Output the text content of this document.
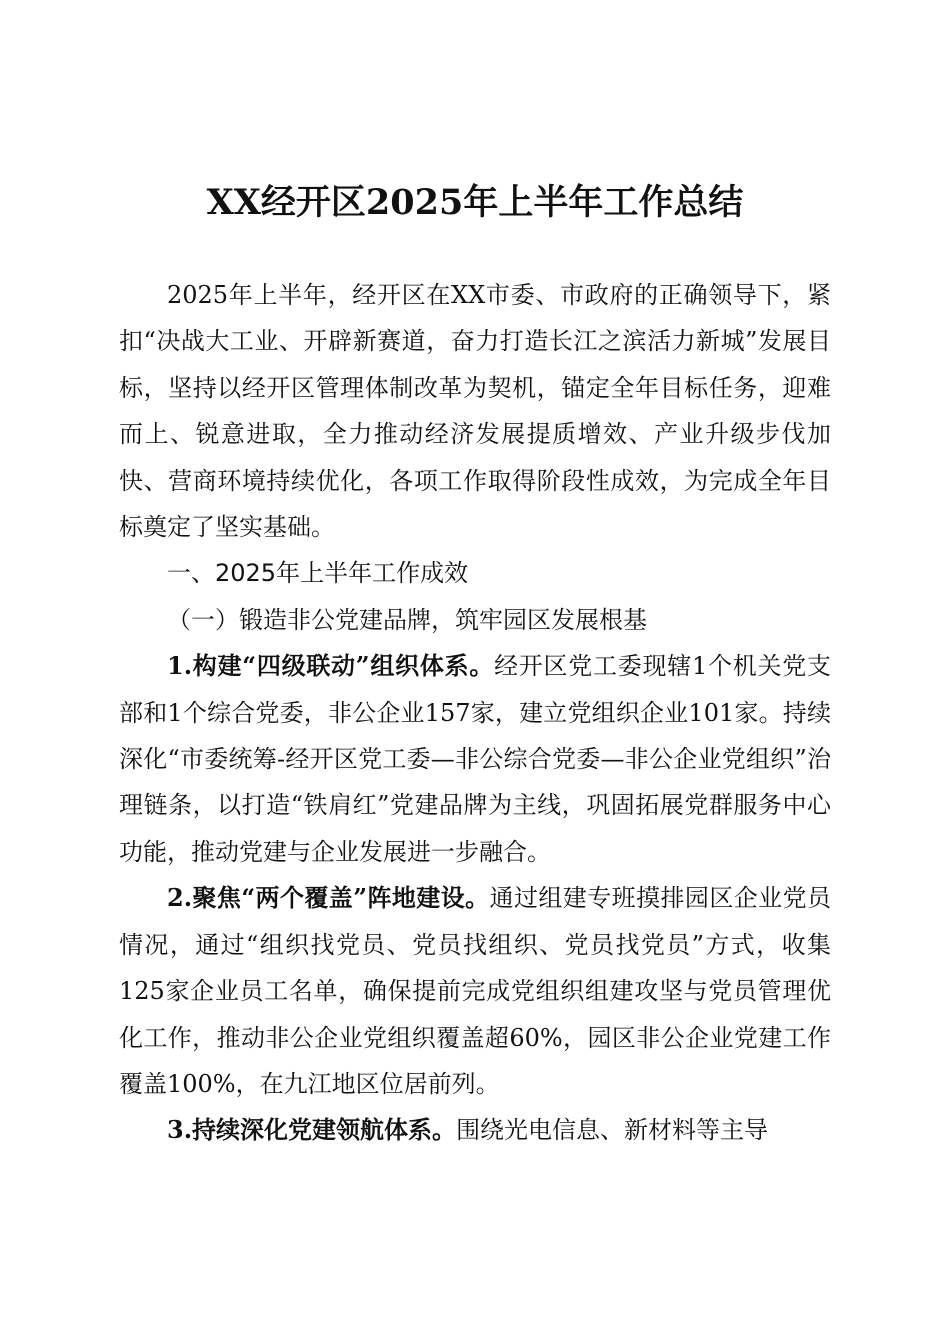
XX经开区2025年上半年工作总结

2025年上半年，经开区在XX市委、市政府的正确领导下，紧扣“决战大工业、开辟新赛道，奋力打造长江之滨活力新城”发展目标，坚持以经开区管理体制改革为契机，锚定全年目标任务，迎难而上、锐意进取，全力推动经济发展提质增效、产业升级步伐加快、营商环境持续优化，各项工作取得阶段性成效，为完成全年目标奠定了坚实基础。

一、2025年上半年工作成效

（一）锻造非公党建品牌，筑牢园区发展根基

1.构建“四级联动”组织体系。经开区党工委现辖1个机关党支部和1个综合党委，非公企业157家，建立党组织企业101家。持续深化“市委统筹-经开区党工委—非公综合党委—非公企业党组织”治理链条，以打造“铁肩红”党建品牌为主线，巩固拓展党群服务中心功能，推动党建与企业发展进一步融合。

2.聚焦“两个覆盖”阵地建设。通过组建专班摸排园区企业党员情况，通过“组织找党员、党员找组织、党员找党员”方式，收集125家企业员工名单，确保提前完成党组织组建攻坚与党员管理优化工作，推动非公企业党组织覆盖超60%，园区非公企业党建工作覆盖100%，在九江地区位居前列。

3.持续深化党建领航体系。围绕光电信息、新材料等主导
